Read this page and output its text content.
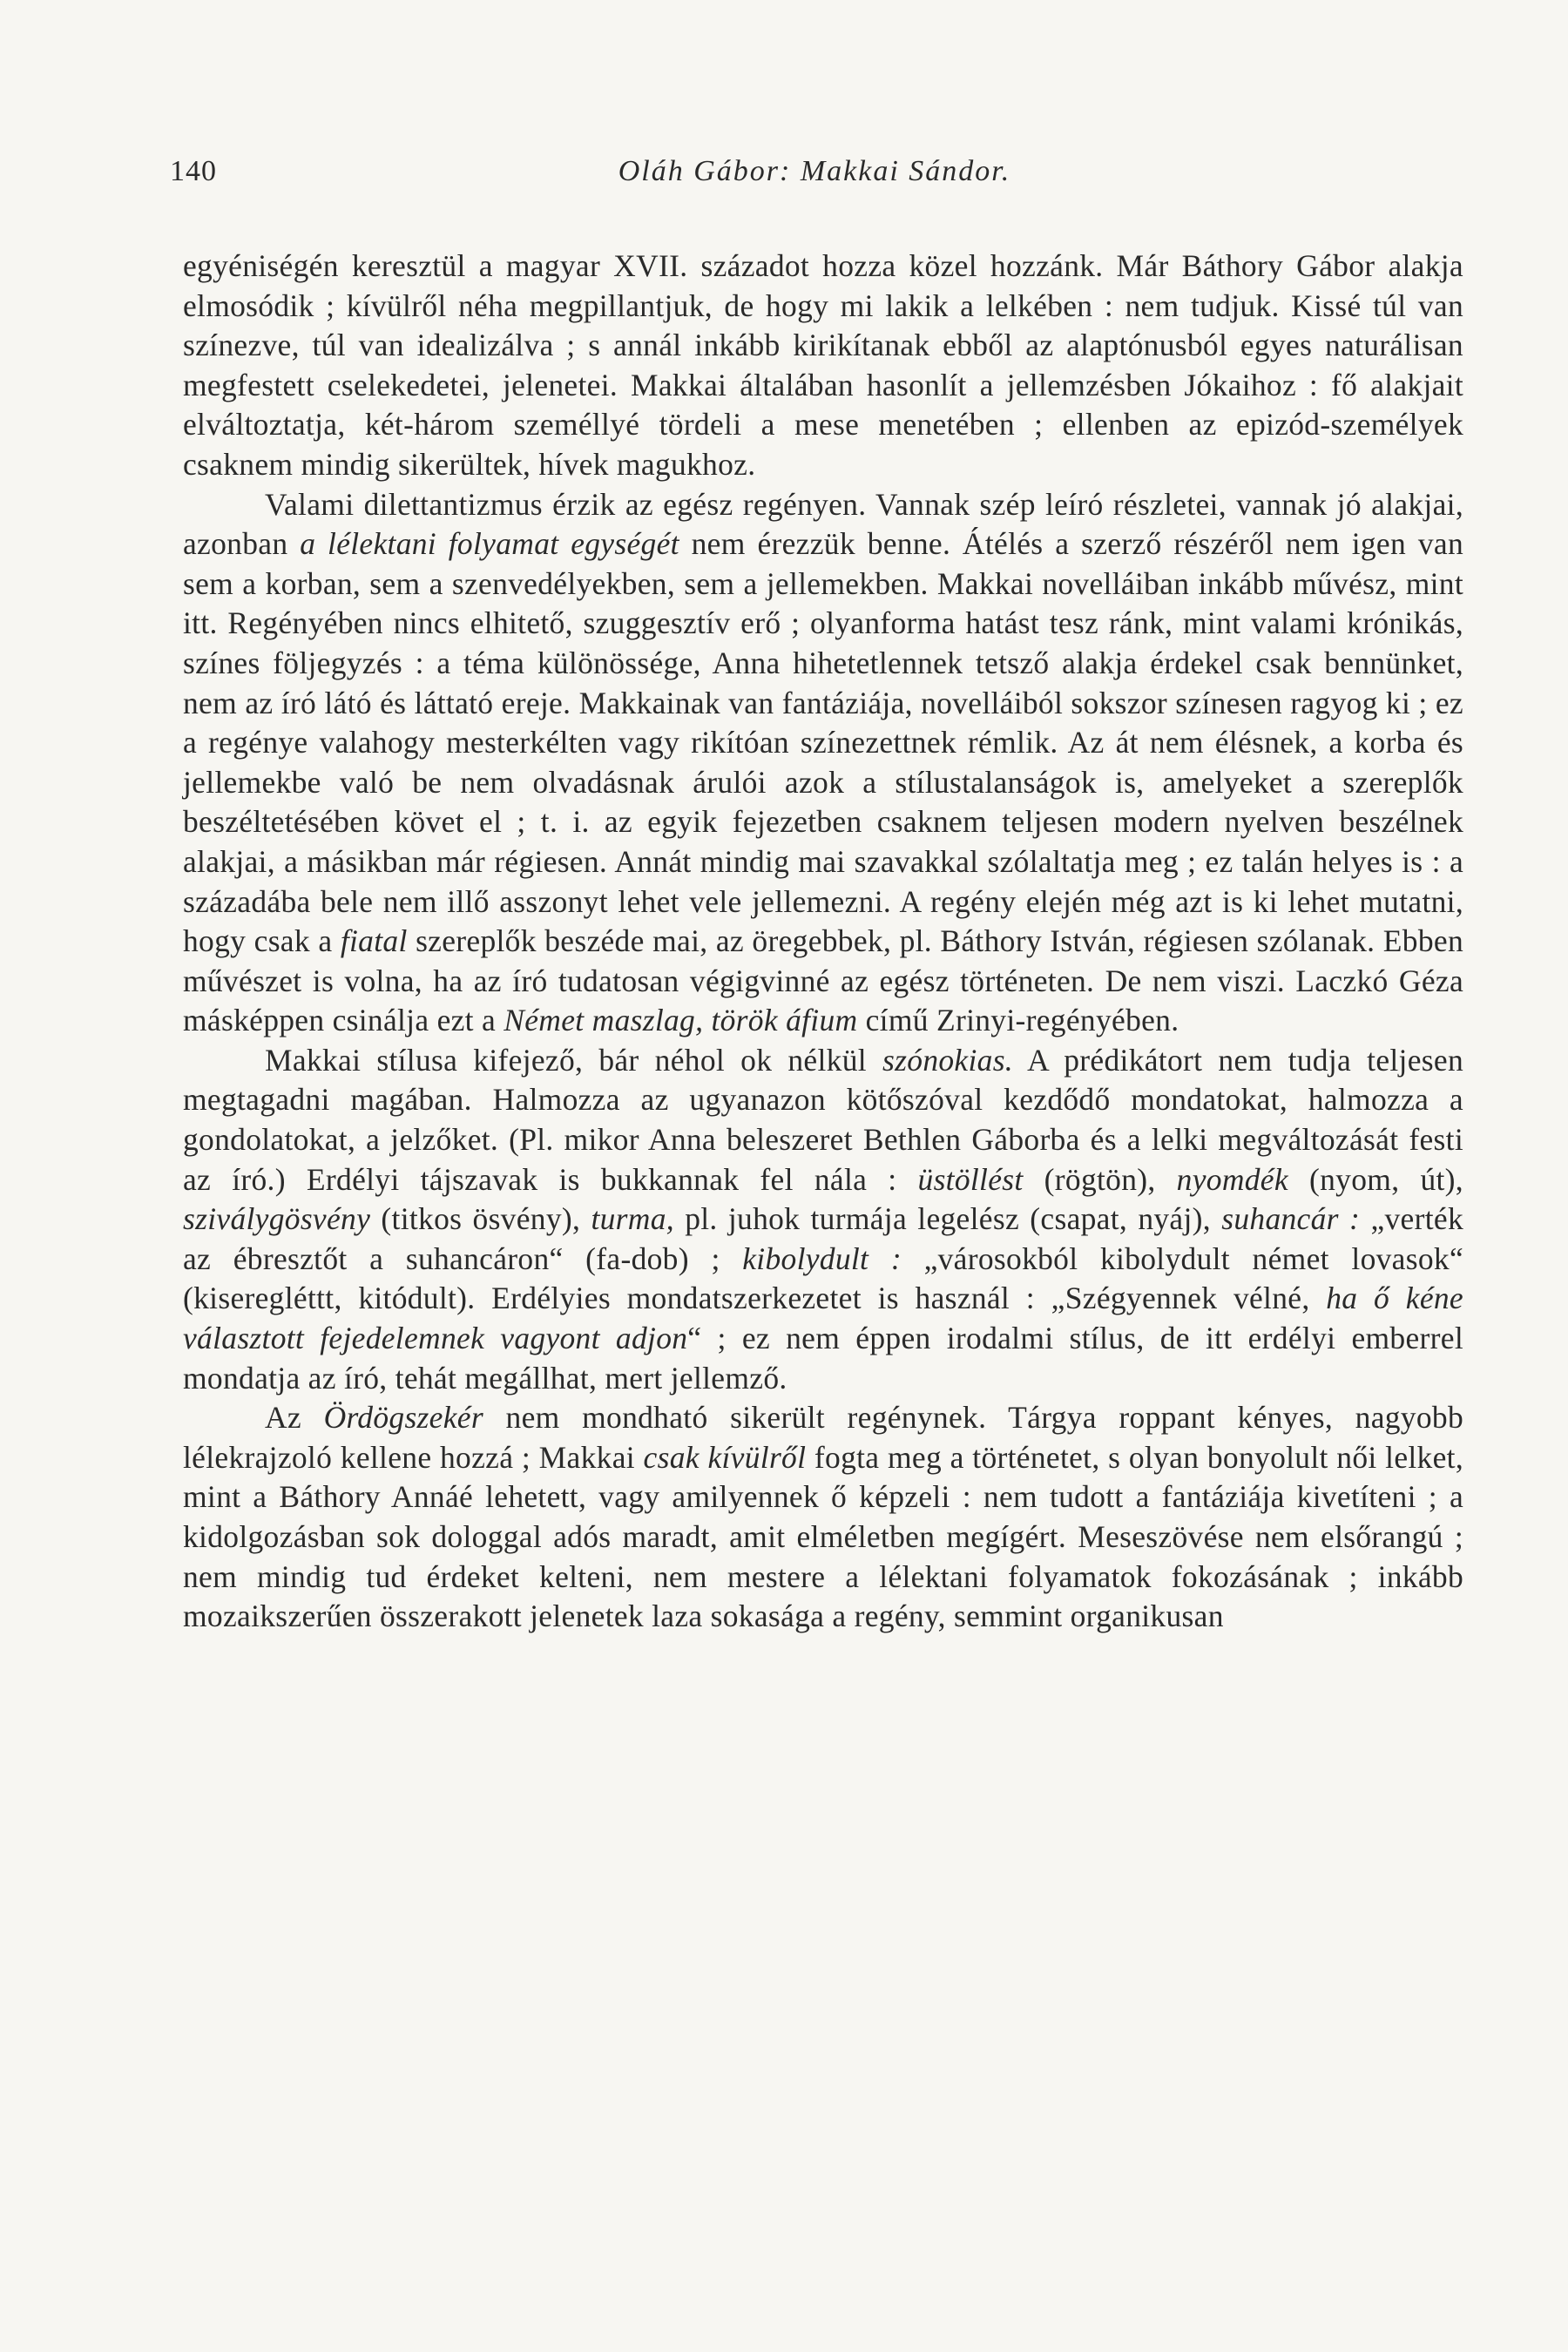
140	Oláh Gábor: Makkai Sándor.

egyéniségén keresztül a magyar XVII. századot hozza közel hozzánk. Már Báthory Gábor alakja elmosódik ; kívülről néha megpillantjuk, de hogy mi lakik a lelkében : nem tudjuk. Kissé túl van színezve, túl van idealizálva ; s annál inkább kirikítanak ebből az alaptónusból egyes naturálisan megfestett cselekedetei, jelenetei. Makkai általában hasonlít a jellemzésben Jókaihoz : fő alakjait elváltoztatja, két-három személlyé tördeli a mese menetében ; ellenben az epizód-személyek csaknem mindig sikerültek, hívek magukhoz.

Valami dilettantizmus érzik az egész regényen. Vannak szép leíró részletei, vannak jó alakjai, azonban a lélektani folyamat egységét nem érezzük benne. Átélés a szerző részéről nem igen van sem a korban, sem a szenvedélyekben, sem a jellemekben. Makkai novelláiban inkább művész, mint itt. Regényében nincs elhitető, szuggesztív erő ; olyanforma hatást tesz ránk, mint valami krónikás, színes följegyzés : a téma különössége, Anna hihetetlennek tetsző alakja érdekel csak bennünket, nem az író látó és láttató ereje. Makkainak van fantáziája, novelláiból sokszor színesen ragyog ki ; ez a regénye valahogy mesterkélten vagy rikítóan színezettnek rémlik. Az át nem élésnek, a korba és jellemekbe való be nem olvadásnak árulói azok a stílustalanságok is, amelyeket a szereplők beszéltetésében követ el ; t. i. az egyik fejezetben csaknem teljesen modern nyelven beszélnek alakjai, a másikban már régiesen. Annát mindig mai szavakkal szólaltatja meg ; ez talán helyes is : a századába bele nem illő asszonyt lehet vele jellemezni. A regény elején még azt is ki lehet mutatni, hogy csak a fiatal szereplők beszéde mai, az öregebbek, pl. Báthory István, régiesen szólanak. Ebben művészet is volna, ha az író tudatosan végigvinné az egész történeten. De nem viszi. Laczkó Géza másképpen csinálja ezt a Német maszlag, török áfium című Zrinyi-regényében.

Makkai stílusa kifejező, bár néhol ok nélkül szónokias. A prédikátort nem tudja teljesen megtagadni magában. Halmozza az ugyanazon kötőszóval kezdődő mondatokat, halmozza a gondolatokat, a jelzőket. (Pl. mikor Anna beleszeret Bethlen Gáborba és a lelki megváltozását festi az író.) Erdélyi tájszavak is bukkannak fel nála : üstöllést (rögtön), nyomdék (nyom, út), sziválygösvény (titkos ösvény), turma, pl. juhok turmája legelész (csapat, nyáj), suhancár : „verték az ébresztőt a suhancáron“ (fa-dob) ; kibolydult : „városokból kibolydult német lovasok“ (kiseregléttt, kitódult). Erdélyies mondatszerkezetet is használ : „Szégyennek vélné, ha ő kéne választott fejedelemnek vagyont adjon“ ; ez nem éppen irodalmi stílus, de itt erdélyi emberrel mondatja az író, tehát megállhat, mert jellemző.

Az Ördögszekér nem mondható sikerült regénynek. Tárgya roppant kényes, nagyobb lélekrajzoló kellene hozzá ; Makkai csak kívülről fogta meg a történetet, s olyan bonyolult női lelket, mint a Báthory Annáé lehetett, vagy amilyennek ő képzeli : nem tudott a fantáziája kivetíteni ; a kidolgozásban sok dologgal adós maradt, amit elméletben megígért. Meseszövése nem elsőrangú ; nem mindig tud érdeket kelteni, nem mestere a lélektani folyamatok fokozásának ; inkább mozaikszerűen összerakott jelenetek laza sokasága a regény, semmint organikusan
